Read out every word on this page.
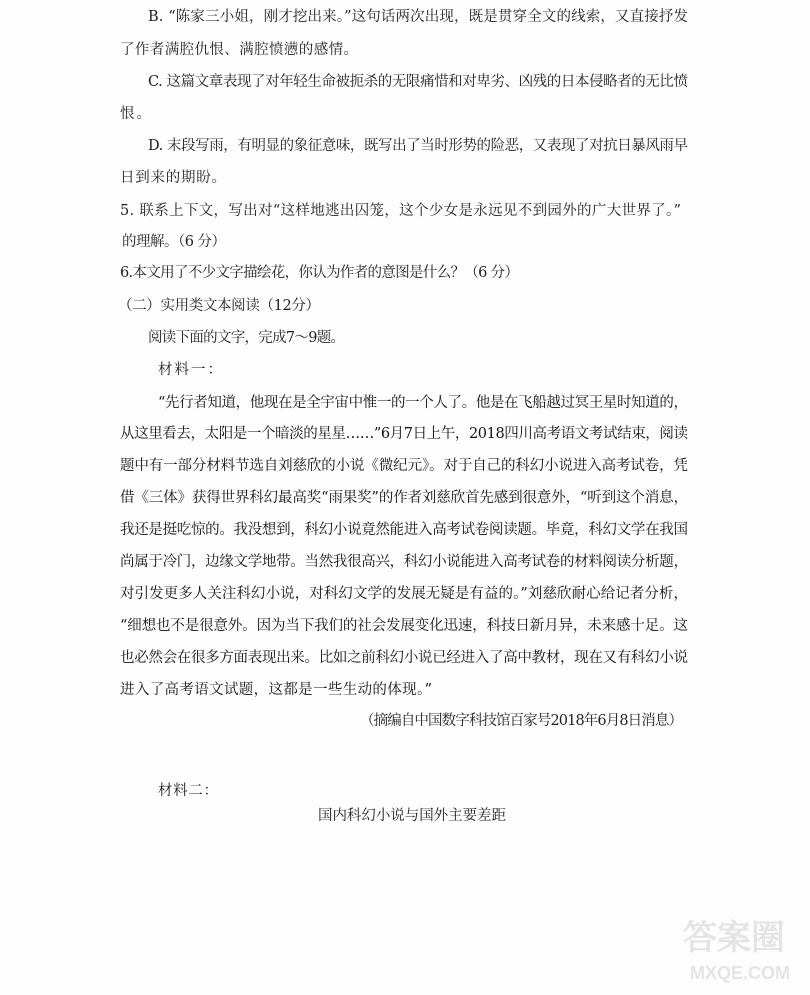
B. “陈家三小姐，刚才挖出来。”这句话两次出现，既是贯穿全文的线索，又直接抒发
了作者满腔仇恨、满腔愤懑的感情。
C. 这篇文章表现了对年轻生命被扼杀的无限痛惜和对卑劣、凶残的日本侵略者的无比愤
恨。
D. 末段写雨，有明显的象征意味，既写出了当时形势的险恶，又表现了对抗日暴风雨早
日到来的期盼。
5. 联系上下文，写出对“这样地逃出囚笼，这个少女是永远见不到园外的广大世界了。”
的理解。（6 分）
6.本文用了不少文字描绘花，你认为作者的意图是什么？（6 分）
（二）实用类文本阅读（12分）
阅读下面的文字，完成7～9题。
材料一：
“先行者知道，他现在是全宇宙中惟一的一个人了。他是在飞船越过冥王星时知道的，
从这里看去，太阳是一个暗淡的星星……”6月7日上午，2018四川高考语文考试结束，阅读
题中有一部分材料节选自刘慈欣的小说《微纪元》。对于自己的科幻小说进入高考试卷，凭
借《三体》获得世界科幻最高奖“雨果奖”的作者刘慈欣首先感到很意外，“听到这个消息，
我还是挺吃惊的。我没想到，科幻小说竟然能进入高考试卷阅读题。毕竟，科幻文学在我国
尚属于冷门，边缘文学地带。当然我很高兴，科幻小说能进入高考试卷的材料阅读分析题，
对引发更多人关注科幻小说，对科幻文学的发展无疑是有益的。”刘慈欣耐心给记者分析，
“细想也不是很意外。因为当下我们的社会发展变化迅速，科技日新月异，未来感十足。这
也必然会在很多方面表现出来。比如之前科幻小说已经进入了高中教材，现在又有科幻小说
进入了高考语文试题，这都是一些生动的体现。”
（摘编自中国数字科技馆百家号2018年6月8日消息）
材料二：
国内科幻小说与国外主要差距
答案圈
MXQE.COM
